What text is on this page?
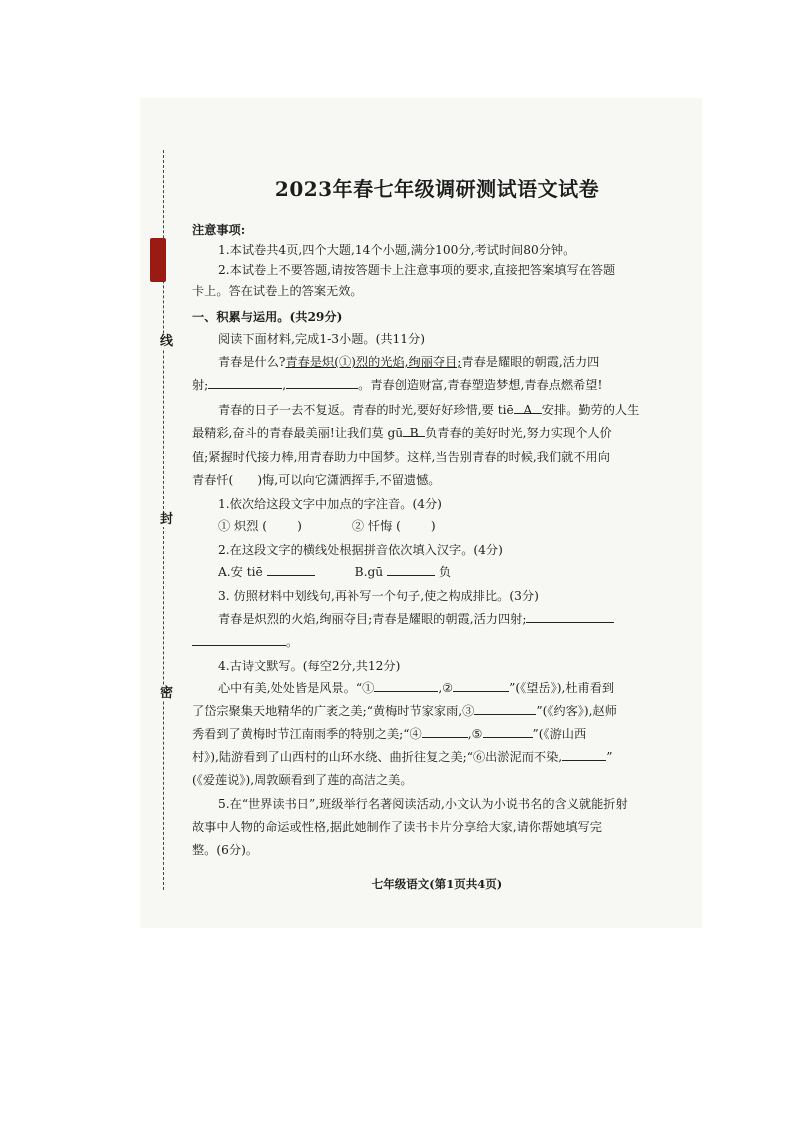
线
封
密
2023年春七年级调研测试语文试卷
注意事项:
1.本试卷共4页,四个大题,14个小题,满分100分,考试时间80分钟。
2.本试卷上不要答题,请按答题卡上注意事项的要求,直接把答案填写在答题
卡上。答在试卷上的答案无效。
一、积累与运用。(共29分)
阅读下面材料,完成1-3小题。(共11分)
青春是什么?青春是炽(①)烈的光焰,绚丽夺目;青春是耀眼的朝霞,活力四
射;	,	。青春创造财富,青春塑造梦想,青春点燃希望!
青春的日子一去不复返。青春的时光,要好好珍惜,要 tiē A 安排。勤劳的人生
最精彩,奋斗的青春最美丽!让我们莫 gū B 负青春的美好时光,努力实现个人价
值;紧握时代接力棒,用青春助力中国梦。这样,当告别青春的时候,我们就不用向
青春忏( )悔,可以向它潇洒挥手,不留遗憾。
1.依次给这段文字中加点的字注音。(4分)
① 炽烈 ( )	② 忏悔 ( )
2.在这段文字的横线处根据拼音依次填入汉字。(4分)
A.安 tiē	B.gū	负
3. 仿照材料中划线句,再补写一个句子,使之构成排比。(3分)
青春是炽烈的火焰,绚丽夺目;青春是耀眼的朝霞,活力四射;
。
4.古诗文默写。(每空2分,共12分)
心中有美,处处皆是风景。“①	,②	”(《望岳》),杜甫看到
了岱宗聚集天地精华的广袤之美;“黄梅时节家家雨,③	”(《约客》),赵师
秀看到了黄梅时节江南雨季的特别之美;“④	,⑤	”(《游山西
村》),陆游看到了山西村的山环水绕、曲折往复之美;“⑥出淤泥而不染,	”
(《爱莲说》),周敦颐看到了莲的高洁之美。
5.在“世界读书日”,班级举行名著阅读活动,小文认为小说书名的含义就能折射
故事中人物的命运或性格,据此她制作了读书卡片分享给大家,请你帮她填写完
整。(6分)。
七年级语文(第1页共4页)
